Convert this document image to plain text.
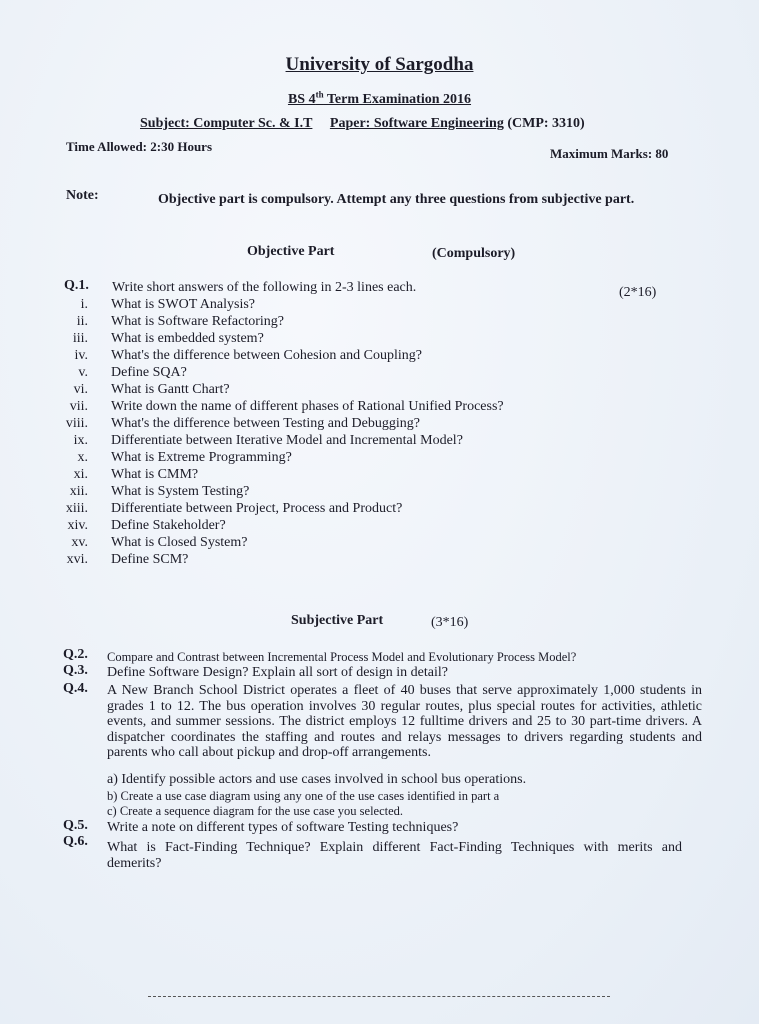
University of Sargodha
BS 4th Term Examination 2016
Subject: Computer Sc. & I.T Paper: Software Engineering (CMP: 3310)
Time Allowed: 2:30 Hours	Maximum Marks: 80
Note:	Objective part is compulsory. Attempt any three questions from subjective part.
Objective Part	(Compulsory)
Q.1. Write short answers of the following in 2-3 lines each.	(2*16)
i. What is SWOT Analysis?
ii. What is Software Refactoring?
iii. What is embedded system?
iv. What's the difference between Cohesion and Coupling?
v. Define SQA?
vi. What is Gantt Chart?
vii. Write down the name of different phases of Rational Unified Process?
viii. What's the difference between Testing and Debugging?
ix. Differentiate between Iterative Model and Incremental Model?
x. What is Extreme Programming?
xi. What is CMM?
xii. What is System Testing?
xiii. Differentiate between Project, Process and Product?
xiv. Define Stakeholder?
xv. What is Closed System?
xvi. Define SCM?
Subjective Part	(3*16)
Q.2. Compare and Contrast between Incremental Process Model and Evolutionary Process Model?
Q.3. Define Software Design? Explain all sort of design in detail?
Q.4. A New Branch School District operates a fleet of 40 buses that serve approximately 1,000 students in grades 1 to 12. The bus operation involves 30 regular routes, plus special routes for activities, athletic events, and summer sessions. The district employs 12 fulltime drivers and 25 to 30 part-time drivers. A dispatcher coordinates the staffing and routes and relays messages to drivers regarding students and parents who call about pickup and drop-off arrangements.
a) Identify possible actors and use cases involved in school bus operations.
b) Create a use case diagram using any one of the use cases identified in part a
c) Create a sequence diagram for the use case you selected.
Q.5. Write a note on different types of software Testing techniques?
Q.6. What is Fact-Finding Technique? Explain different Fact-Finding Techniques with merits and demerits?
